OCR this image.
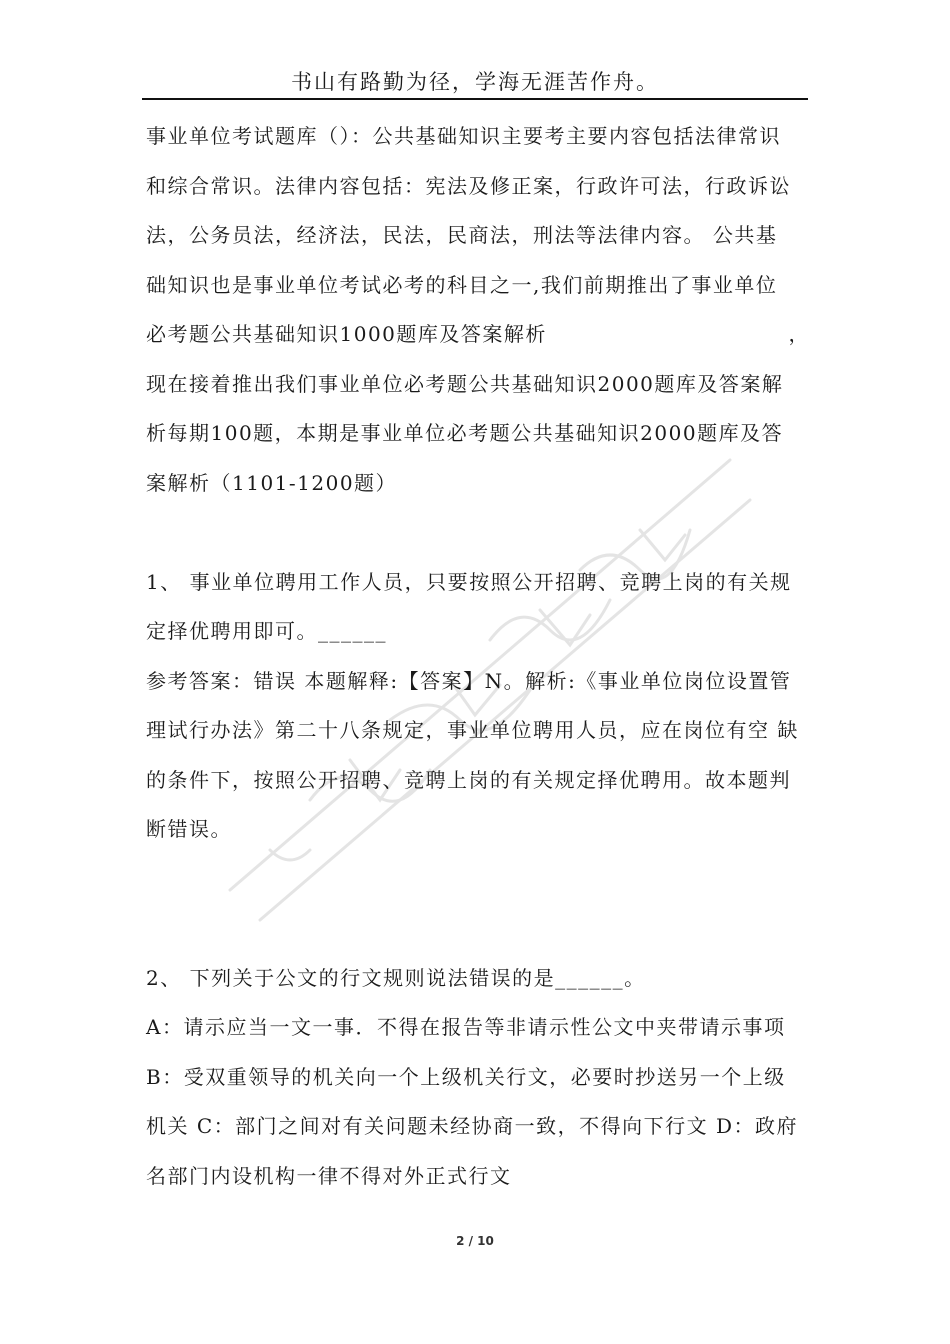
书山有路勤为径，学海无涯苦作舟。

事业单位考试题库（）：公共基础知识主要考主要内容包括法律常识

和综合常识。法律内容包括：宪法及修正案，行政许可法，行政诉讼

法，公务员法，经济法，民法，民商法，刑法等法律内容。 公共基

础知识也是事业单位考试必考的科目之一,我们前期推出了事业单位

必考题公共基础知识1000题库及答案解析	，

现在接着推出我们事业单位必考题公共基础知识2000题库及答案解

析每期100题，本期是事业单位必考题公共基础知识2000题库及答

案解析（1101-1200题）

1、 事业单位聘用工作人员，只要按照公开招聘、竞聘上岗的有关规

定择优聘用即可。______

参考答案：错误 本题解释:【答案】N。解析:《事业单位岗位设置管

理试行办法》第二十八条规定，事业单位聘用人员，应在岗位有空 缺

的条件下，按照公开招聘、竞聘上岗的有关规定择优聘用。故本题判

断错误。

2、 下列关于公文的行文规则说法错误的是______。

A：请示应当一文一事．不得在报告等非请示性公文中夹带请示事项

B：受双重领导的机关向一个上级机关行文，必要时抄送另一个上级

机关 C：部门之间对有关问题未经协商一致，不得向下行文 D：政府

名部门内设机构一律不得对外正式行文

2 / 10
